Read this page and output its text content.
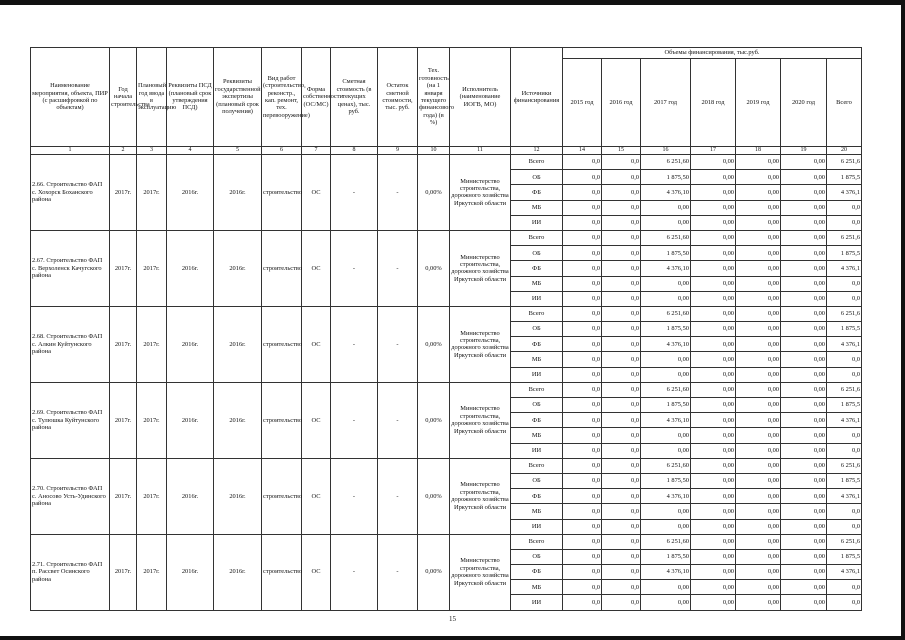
Наименование мероприятия, объекта, ПИР (с расшифровкой по объектам)	Год начала строительства	Плановый год ввода в эксплуатацию	Реквизиты ПСД (плановый срок утверждения ПСД)	Реквизиты государственной экспертизы (плановый срок получения)	Вид работ (строительство, реконстр., кап. ремонт, тех. перевооружение)	Форма собственности (ОС/МС)	Сметная стоимость (в текущих ценах), тыс. руб.	Остаток сметной стоимости, тыс. руб.	Тех. готовность (на 1 января текущего финансового года) (в %)	Исполнитель (наименование ИОГВ, МО)	Источники финансирования	Объемы финансирования, тыс.руб.						
												2015 год	2016 год	2017 год	2018 год	2019 год	2020 год	Всего
1	2	3	4	5	6	7	8	9	10	11	12	14	15	16	17	18	19	20
2.66. Строительство ФАП с. Хохорск Боханского района	2017г.	2017г.	2016г.	2016г.	строительство	ОС	-	-	0,00%	Министерство строительства, дорожного хозяйства Иркутской области	Всего	0,0	0,0	6 251,60	0,00	0,00	0,00	6 251,6
											ОБ	0,0	0,0	1 875,50	0,00	0,00	0,00	1 875,5
											ФБ	0,0	0,0	4 376,10	0,00	0,00	0,00	4 376,1
											МБ	0,0	0,0	0,00	0,00	0,00	0,00	0,0
											ИИ	0,0	0,0	0,00	0,00	0,00	0,00	0,0
2.67. Строительство ФАП с. Верхоленск Качугского района	2017г.	2017г.	2016г.	2016г.	строительство	ОС	-	-	0,00%	Министерство строительства, дорожного хозяйства Иркутской области	Всего	0,0	0,0	6 251,60	0,00	0,00	0,00	6 251,6
											ОБ	0,0	0,0	1 875,50	0,00	0,00	0,00	1 875,5
											ФБ	0,0	0,0	4 376,10	0,00	0,00	0,00	4 376,1
											МБ	0,0	0,0	0,00	0,00	0,00	0,00	0,0
											ИИ	0,0	0,0	0,00	0,00	0,00	0,00	0,0
2.68. Строительство ФАП с. Алкин Куйтунского района	2017г.	2017г.	2016г.	2016г.	строительство	ОС	-	-	0,00%	Министерство строительства, дорожного хозяйства Иркутской области	Всего	0,0	0,0	6 251,60	0,00	0,00	0,00	6 251,6
											ОБ	0,0	0,0	1 875,50	0,00	0,00	0,00	1 875,5
											ФБ	0,0	0,0	4 376,10	0,00	0,00	0,00	4 376,1
											МБ	0,0	0,0	0,00	0,00	0,00	0,00	0,0
											ИИ	0,0	0,0	0,00	0,00	0,00	0,00	0,0
2.69. Строительство ФАП с. Тулюшка Куйтунского района	2017г.	2017г.	2016г.	2016г.	строительство	ОС	-	-	0,00%	Министерство строительства, дорожного хозяйства Иркутской области	Всего	0,0	0,0	6 251,60	0,00	0,00	0,00	6 251,6
											ОБ	0,0	0,0	1 875,50	0,00	0,00	0,00	1 875,5
											ФБ	0,0	0,0	4 376,10	0,00	0,00	0,00	4 376,1
											МБ	0,0	0,0	0,00	0,00	0,00	0,00	0,0
											ИИ	0,0	0,0	0,00	0,00	0,00	0,00	0,0
2.70. Строительство ФАП с. Аносово Усть-Удинского района	2017г.	2017г.	2016г.	2016г.	строительство	ОС	-	-	0,00%	Министерство строительства, дорожного хозяйства Иркутской области	Всего	0,0	0,0	6 251,60	0,00	0,00	0,00	6 251,6
											ОБ	0,0	0,0	1 875,50	0,00	0,00	0,00	1 875,5
											ФБ	0,0	0,0	4 376,10	0,00	0,00	0,00	4 376,1
											МБ	0,0	0,0	0,00	0,00	0,00	0,00	0,0
											ИИ	0,0	0,0	0,00	0,00	0,00	0,00	0,0
2.71. Строительство ФАП п. Рассвет Осинского района	2017г.	2017г.	2016г.	2016г.	строительство	ОС	-	-	0,00%	Министерство строительства, дорожного хозяйства Иркутской области	Всего	0,0	0,0	6 251,60	0,00	0,00	0,00	6 251,6
											ОБ	0,0	0,0	1 875,50	0,00	0,00	0,00	1 875,5
											ФБ	0,0	0,0	4 376,10	0,00	0,00	0,00	4 376,1
											МБ	0,0	0,0	0,00	0,00	0,00	0,00	0,0
											ИИ	0,0	0,0	0,00	0,00	0,00	0,00	0,0
15
